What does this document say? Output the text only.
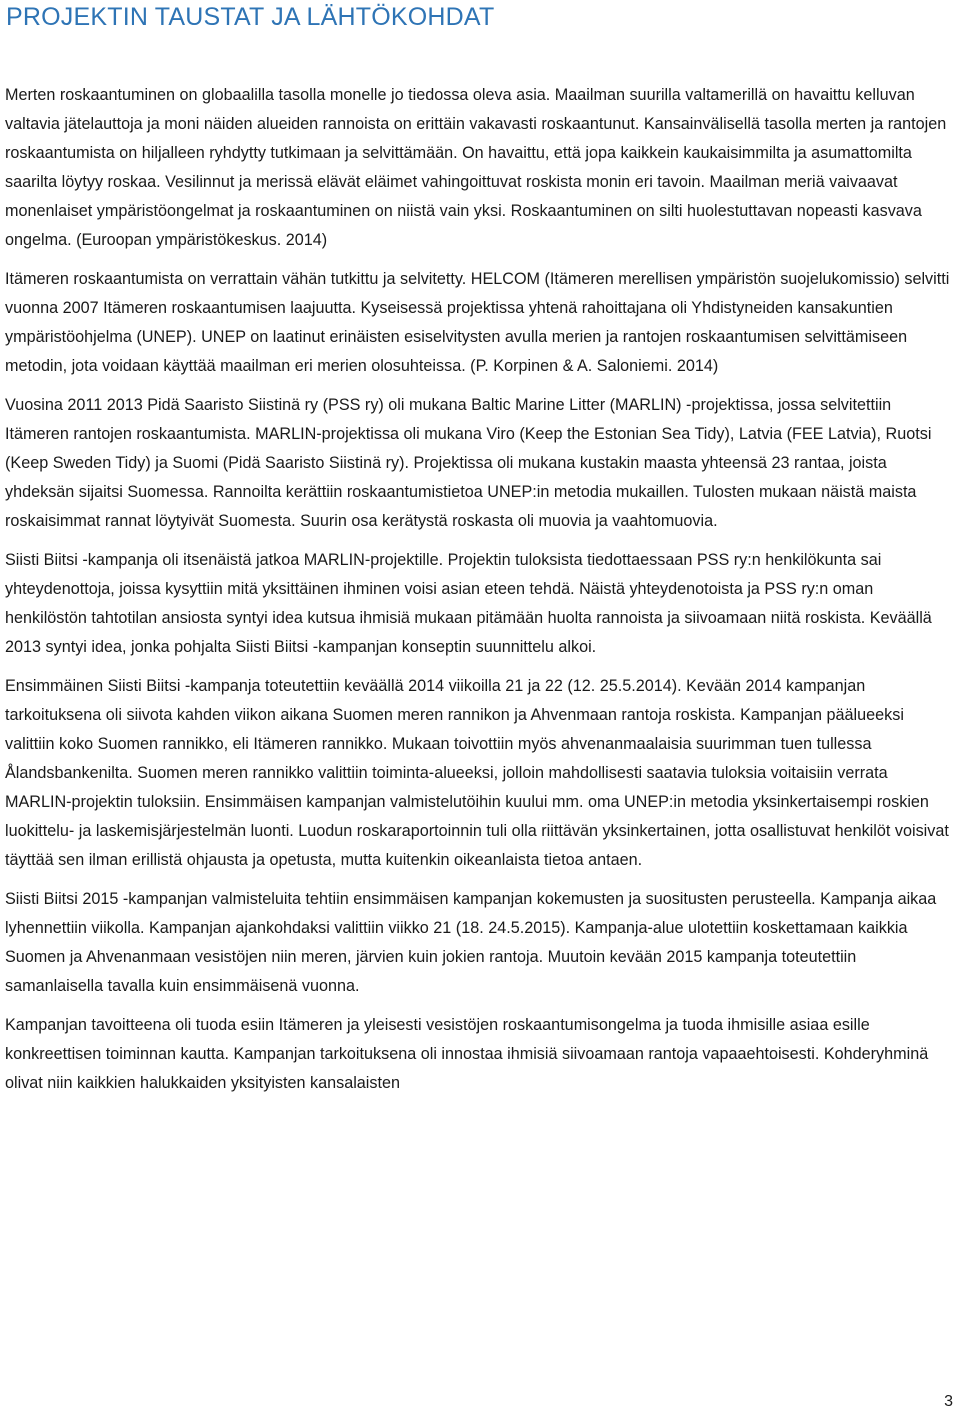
PROJEKTIN TAUSTAT JA LÄHTÖKOHDAT

Merten roskaantuminen on globaalilla tasolla monelle jo tiedossa oleva asia. Maailman suurilla valtamerillä on havaittu kelluvan valtavia jätelauttoja ja moni näiden alueiden rannoista on erittäin vakavasti roskaantunut. Kansainvälisellä tasolla merten ja rantojen roskaantumista on hiljalleen ryhdytty tutkimaan ja selvittämään. On havaittu, että jopa kaikkein kaukaisimmilta ja asumattomilta saarilta löytyy roskaa. Vesilinnut ja merissä elävät eläimet vahingoittuvat roskista monin eri tavoin. Maailman meriä vaivaavat monenlaiset ympäristöongelmat ja roskaantuminen on niistä vain yksi. Roskaantuminen on silti huolestuttavan nopeasti kasvava ongelma. (Euroopan ympäristökeskus. 2014)

Itämeren roskaantumista on verrattain vähän tutkittu ja selvitetty. HELCOM (Itämeren merellisen ympäristön suojelukomissio) selvitti vuonna 2007 Itämeren roskaantumisen laajuutta. Kyseisessä projektissa yhtenä rahoittajana oli Yhdistyneiden kansakuntien ympäristöohjelma (UNEP). UNEP on laatinut erinäisten esiselvitysten avulla merien ja rantojen roskaantumisen selvittämiseen metodin, jota voidaan käyttää maailman eri merien olosuhteissa. (P. Korpinen & A. Saloniemi. 2014)

Vuosina 2011 2013 Pidä Saaristo Siistinä ry (PSS ry) oli mukana Baltic Marine Litter (MARLIN) -projektissa, jossa selvitettiin Itämeren rantojen roskaantumista. MARLIN-projektissa oli mukana Viro (Keep the Estonian Sea Tidy), Latvia (FEE Latvia), Ruotsi (Keep Sweden Tidy) ja Suomi (Pidä Saaristo Siistinä ry). Projektissa oli mukana kustakin maasta yhteensä 23 rantaa, joista yhdeksän sijaitsi Suomessa. Rannoilta kerättiin roskaantumistietoa UNEP:in metodia mukaillen. Tulosten mukaan näistä maista roskaisimmat rannat löytyivät Suomesta. Suurin osa kerätystä roskasta oli muovia ja vaahtomuovia.

Siisti Biitsi -kampanja oli itsenäistä jatkoa MARLIN-projektille. Projektin tuloksista tiedottaessaan PSS ry:n henkilökunta sai yhteydenottoja, joissa kysyttiin mitä yksittäinen ihminen voisi asian eteen tehdä. Näistä yhteydenotoista ja PSS ry:n oman henkilöstön tahtotilan ansiosta syntyi idea kutsua ihmisiä mukaan pitämään huolta rannoista ja siivoamaan niitä roskista. Keväällä 2013 syntyi idea, jonka pohjalta Siisti Biitsi -kampanjan konseptin suunnittelu alkoi.

Ensimmäinen Siisti Biitsi -kampanja toteutettiin keväällä 2014 viikoilla 21 ja 22 (12. 25.5.2014). Kevään 2014 kampanjan tarkoituksena oli siivota kahden viikon aikana Suomen meren rannikon ja Ahvenmaan rantoja roskista. Kampanjan päälueeksi valittiin koko Suomen rannikko, eli Itämeren rannikko. Mukaan toivottiin myös ahvenanmaalaisia suurimman tuen tullessa Ålandsbankenilta. Suomen meren rannikko valittiin toiminta-alueeksi, jolloin mahdollisesti saatavia tuloksia voitaisiin verrata MARLIN-projektin tuloksiin. Ensimmäisen kampanjan valmistelutöihin kuului mm. oma UNEP:in metodia yksinkertaisempi roskien luokittelu- ja laskemisjärjestelmän luonti. Luodun roskaraportoinnin tuli olla riittävän yksinkertainen, jotta osallistuvat henkilöt voisivat täyttää sen ilman erillistä ohjausta ja opetusta, mutta kuitenkin oikeanlaista tietoa antaen.

Siisti Biitsi 2015 -kampanjan valmisteluita tehtiin ensimmäisen kampanjan kokemusten ja suositusten perusteella. Kampanja aikaa lyhennettiin viikolla. Kampanjan ajankohdaksi valittiin viikko 21 (18. 24.5.2015). Kampanja-alue ulotettiin koskettamaan kaikkia Suomen ja Ahvenanmaan vesistöjen niin meren, järvien kuin jokien rantoja. Muutoin kevään 2015 kampanja toteutettiin samanlaisella tavalla kuin ensimmäisenä vuonna.

Kampanjan tavoitteena oli tuoda esiin Itämeren ja yleisesti vesistöjen roskaantumisongelma ja tuoda ihmisille asiaa esille konkreettisen toiminnan kautta. Kampanjan tarkoituksena oli innostaa ihmisiä siivoamaan rantoja vapaaehtoisesti. Kohderyhminä olivat niin kaikkien halukkaiden yksityisten kansalaisten

3
